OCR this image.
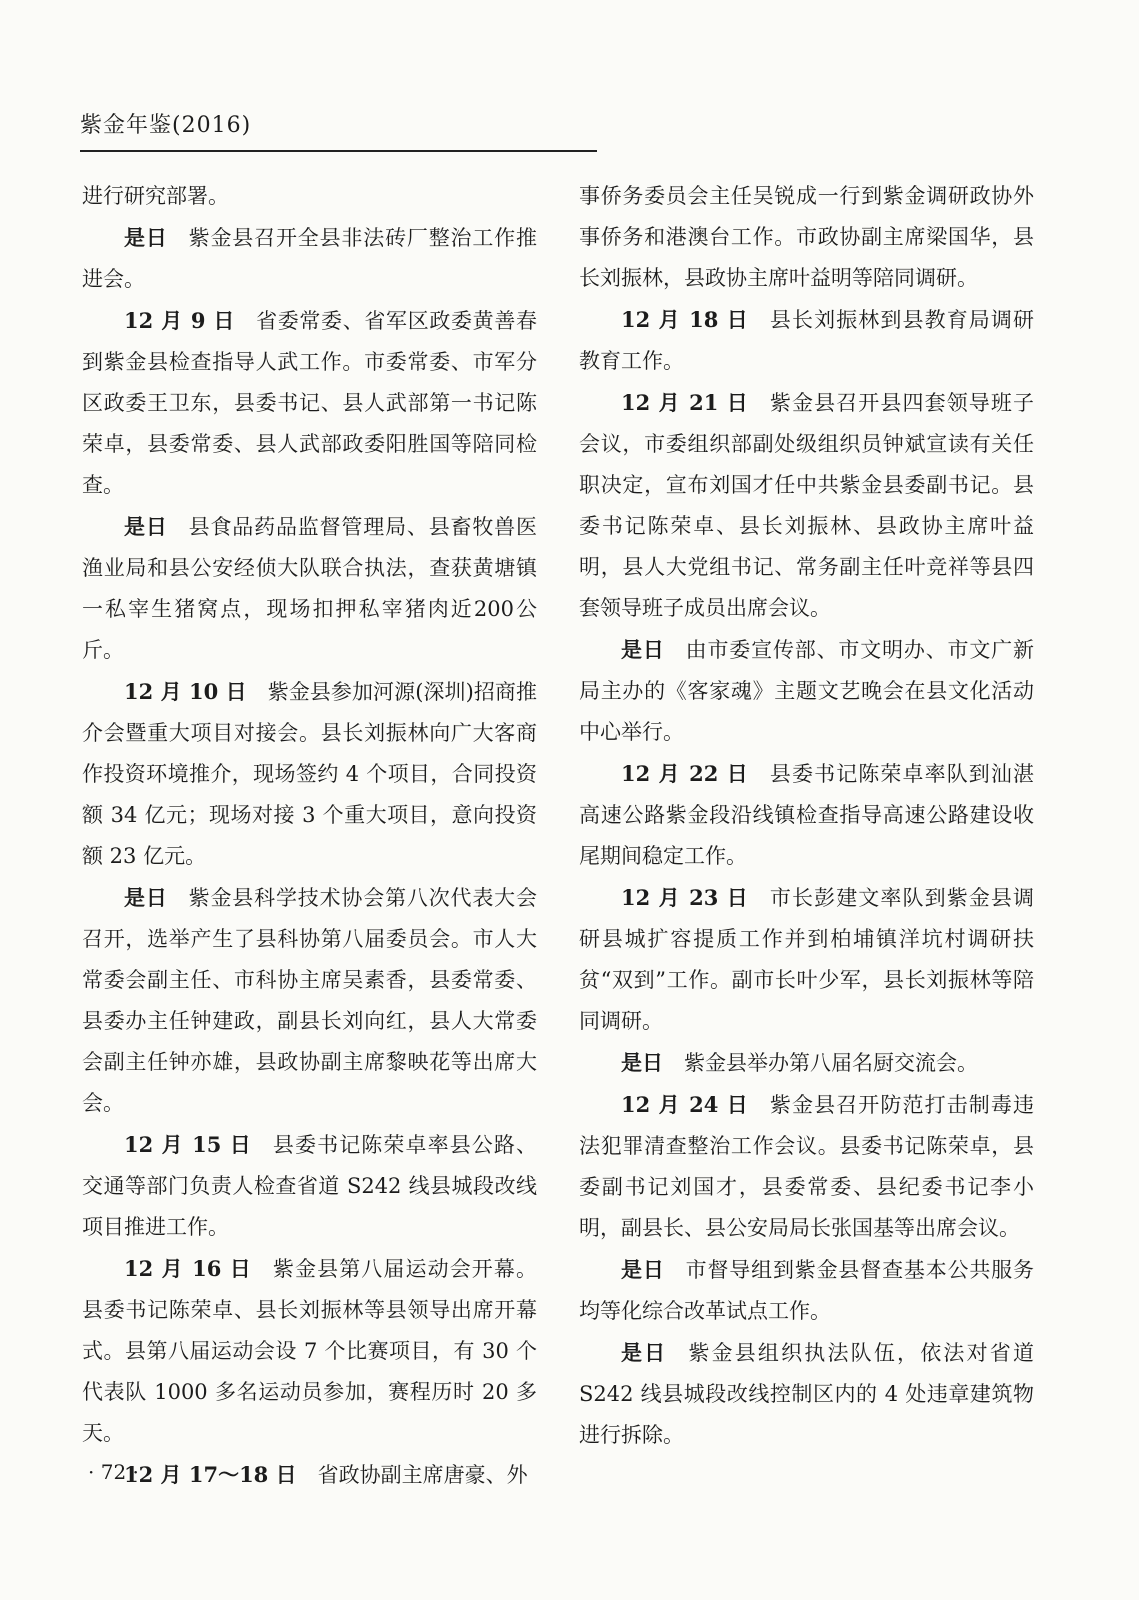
紫金年鉴(2016)

进行研究部署。

是日 紫金县召开全县非法砖厂整治工作推进会。

12 月 9 日 省委常委、省军区政委黄善春到紫金县检查指导人武工作。市委常委、市军分区政委王卫东，县委书记、县人武部第一书记陈荣卓，县委常委、县人武部政委阳胜国等陪同检查。

是日 县食品药品监督管理局、县畜牧兽医渔业局和县公安经侦大队联合执法，查获黄塘镇一私宰生猪窝点，现场扣押私宰猪肉近200公斤。

12 月 10 日 紫金县参加河源(深圳)招商推介会暨重大项目对接会。县长刘振林向广大客商作投资环境推介，现场签约 4 个项目，合同投资额 34 亿元；现场对接 3 个重大项目，意向投资额 23 亿元。

是日 紫金县科学技术协会第八次代表大会召开，选举产生了县科协第八届委员会。市人大常委会副主任、市科协主席吴素香，县委常委、县委办主任钟建政，副县长刘向红，县人大常委会副主任钟亦雄，县政协副主席黎映花等出席大会。

12 月 15 日 县委书记陈荣卓率县公路、交通等部门负责人检查省道 S242 线县城段改线项目推进工作。

12 月 16 日 紫金县第八届运动会开幕。县委书记陈荣卓、县长刘振林等县领导出席开幕式。县第八届运动会设 7 个比赛项目，有 30 个代表队 1000 多名运动员参加，赛程历时 20 多天。

12 月 17～18 日 省政协副主席唐豪、外

事侨务委员会主任吴锐成一行到紫金调研政协外事侨务和港澳台工作。市政协副主席梁国华，县长刘振林，县政协主席叶益明等陪同调研。

12 月 18 日 县长刘振林到县教育局调研教育工作。

12 月 21 日 紫金县召开县四套领导班子会议，市委组织部副处级组织员钟斌宣读有关任职决定，宣布刘国才任中共紫金县委副书记。县委书记陈荣卓、县长刘振林、县政协主席叶益明，县人大党组书记、常务副主任叶竞祥等县四套领导班子成员出席会议。

是日 由市委宣传部、市文明办、市文广新局主办的《客家魂》主题文艺晚会在县文化活动中心举行。

12 月 22 日 县委书记陈荣卓率队到汕湛高速公路紫金段沿线镇检查指导高速公路建设收尾期间稳定工作。

12 月 23 日 市长彭建文率队到紫金县调研县城扩容提质工作并到柏埔镇洋坑村调研扶贫“双到”工作。副市长叶少军，县长刘振林等陪同调研。

是日 紫金县举办第八届名厨交流会。

12 月 24 日 紫金县召开防范打击制毒违法犯罪清查整治工作会议。县委书记陈荣卓，县委副书记刘国才，县委常委、县纪委书记李小明，副县长、县公安局局长张国基等出席会议。

是日 市督导组到紫金县督查基本公共服务均等化综合改革试点工作。

是日 紫金县组织执法队伍，依法对省道 S242 线县城段改线控制区内的 4 处违章建筑物进行拆除。

· 72 ·
